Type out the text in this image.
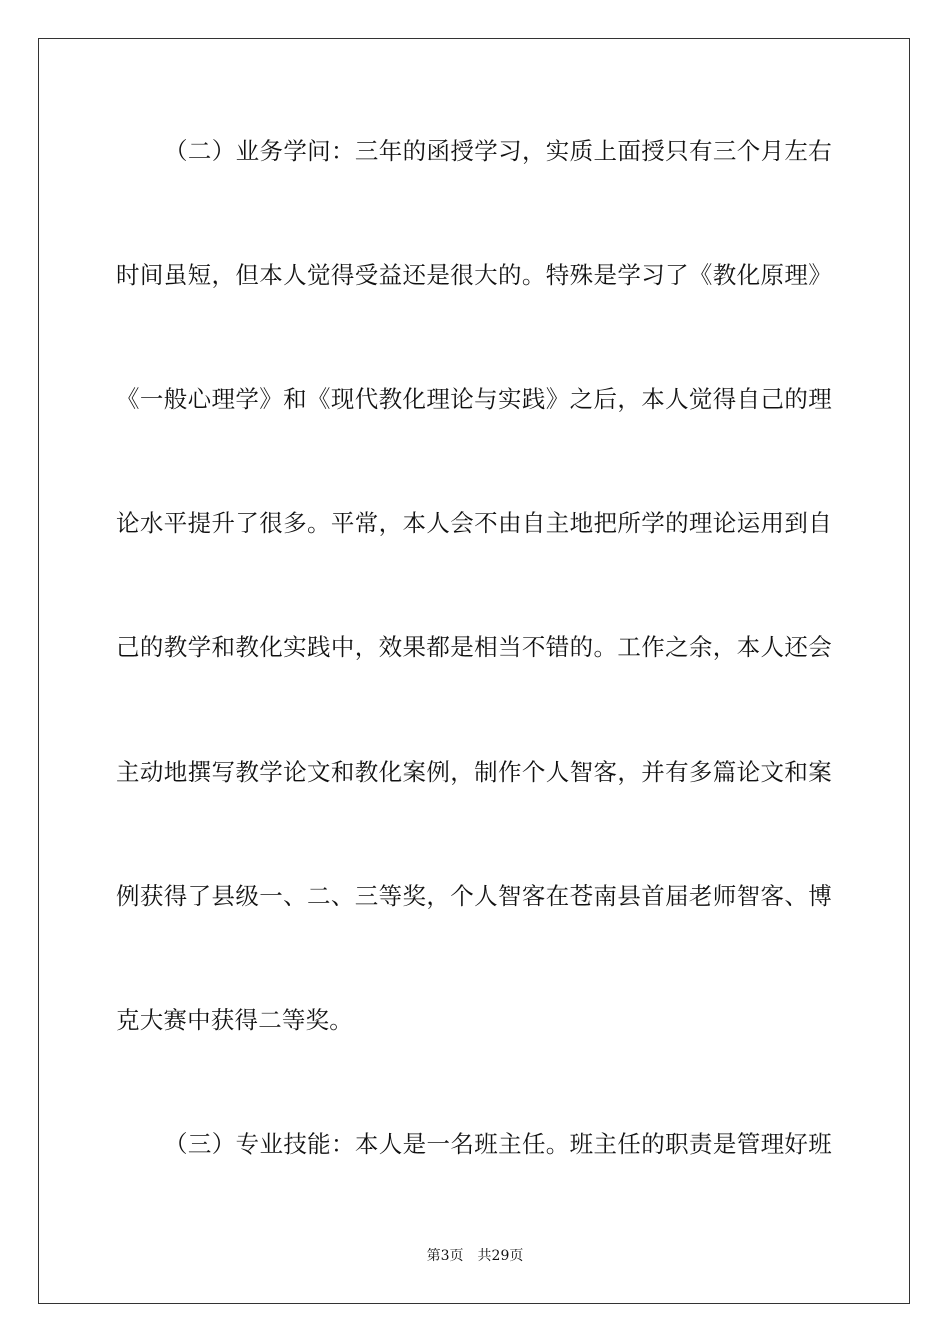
（二）业务学问：三年的函授学习，实质上面授只有三个月左右
时间虽短，但本人觉得受益还是很大的。特殊是学习了《教化原理》
《一般心理学》和《现代教化理论与实践》之后，本人觉得自己的理
论水平提升了很多。平常，本人会不由自主地把所学的理论运用到自
己的教学和教化实践中，效果都是相当不错的。工作之余，本人还会
主动地撰写教学论文和教化案例，制作个人智客，并有多篇论文和案
例获得了县级一、二、三等奖，个人智客在苍南县首届老师智客、博
克大赛中获得二等奖。
（三）专业技能：本人是一名班主任。班主任的职责是管理好班
第3页 共29页
